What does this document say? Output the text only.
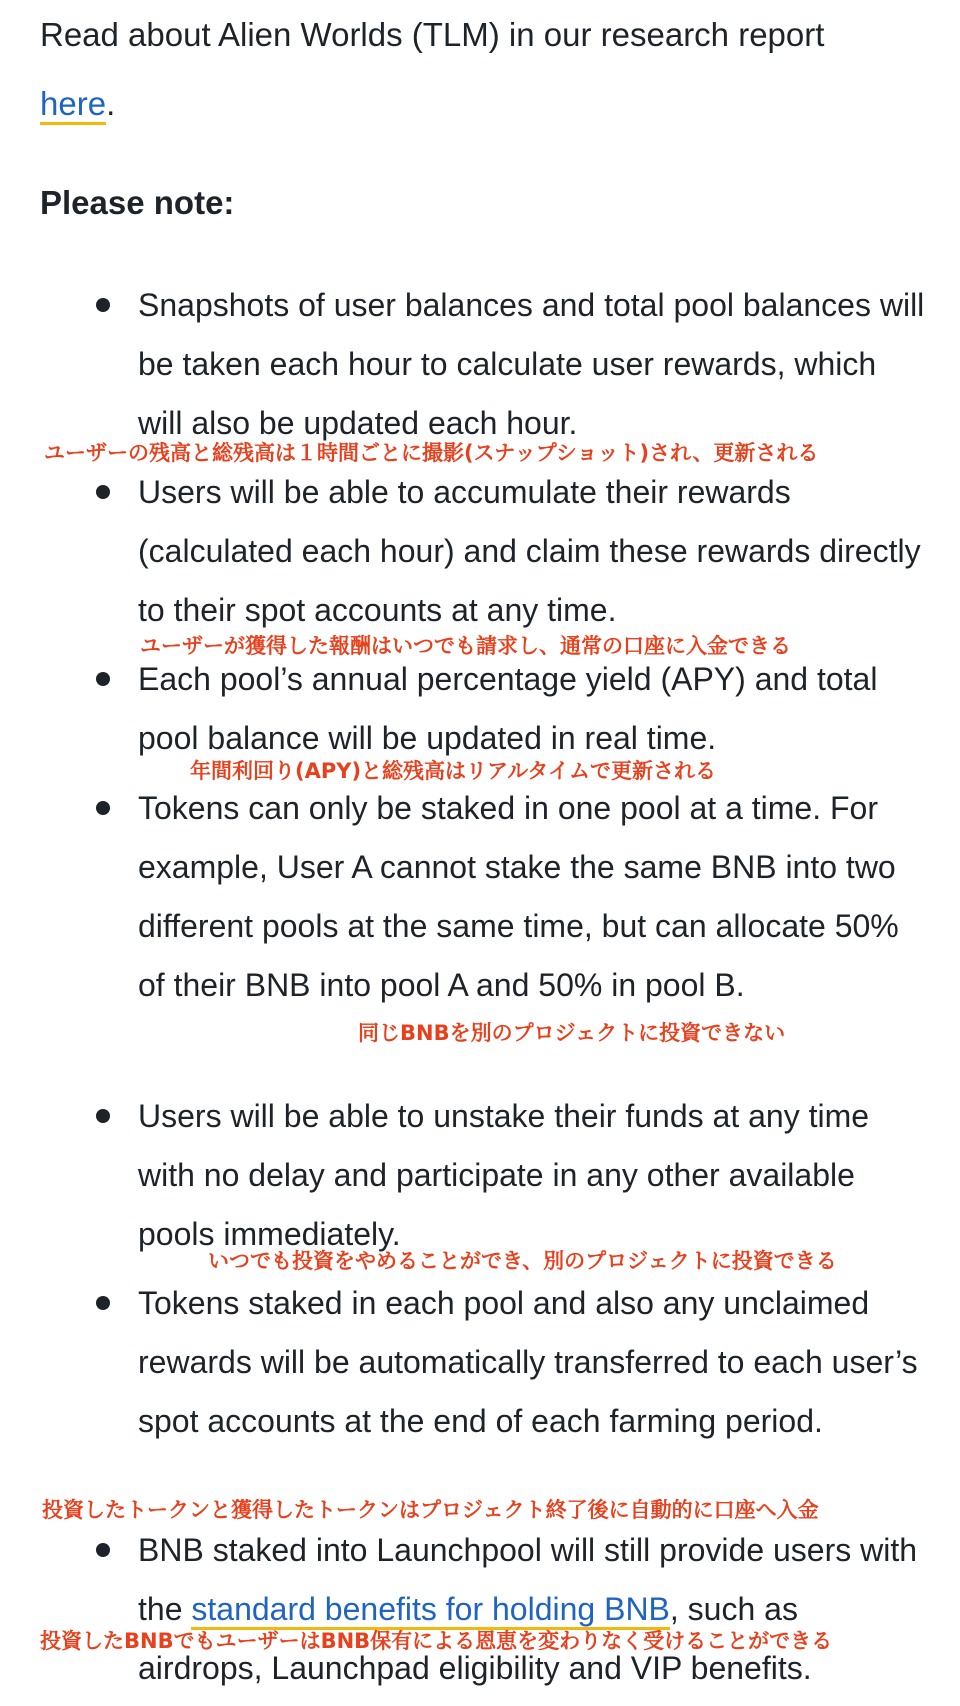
Read about Alien Worlds (TLM) in our research report
here.

Please note:
Snapshots of user balances and total pool balances will be taken each hour to calculate user rewards, which will also be updated each hour.
Users will be able to accumulate their rewards (calculated each hour) and claim these rewards directly to their spot accounts at any time.
Each pool’s annual percentage yield (APY) and total pool balance will be updated in real time.
Tokens can only be staked in one pool at a time. For example, User A cannot stake the same BNB into two different pools at the same time, but can allocate 50% of their BNB into pool A and 50% in pool B.
Users will be able to unstake their funds at any time with no delay and participate in any other available pools immediately.
Tokens staked in each pool and also any unclaimed rewards will be automatically transferred to each user’s spot accounts at the end of each farming period.
BNB staked into Launchpool will still provide users with the standard benefits for holding BNB, such as airdrops, Launchpad eligibility and VIP benefits.
ユーザーの残高と総残高は１時間ごとに撮影(スナップショット)され、更新される
ユーザーが獲得した報酬はいつでも請求し、通常の口座に入金できる
年間利回り(APY)と総残高はリアルタイムで更新される
同じBNBを別のプロジェクトに投資できない
いつでも投資をやめることができ、別のプロジェクトに投資できる
投資したトークンと獲得したトークンはプロジェクト終了後に自動的に口座へ入金
投資したBNBでもユーザーはBNB保有による恩恵を変わりなく受けることができる
